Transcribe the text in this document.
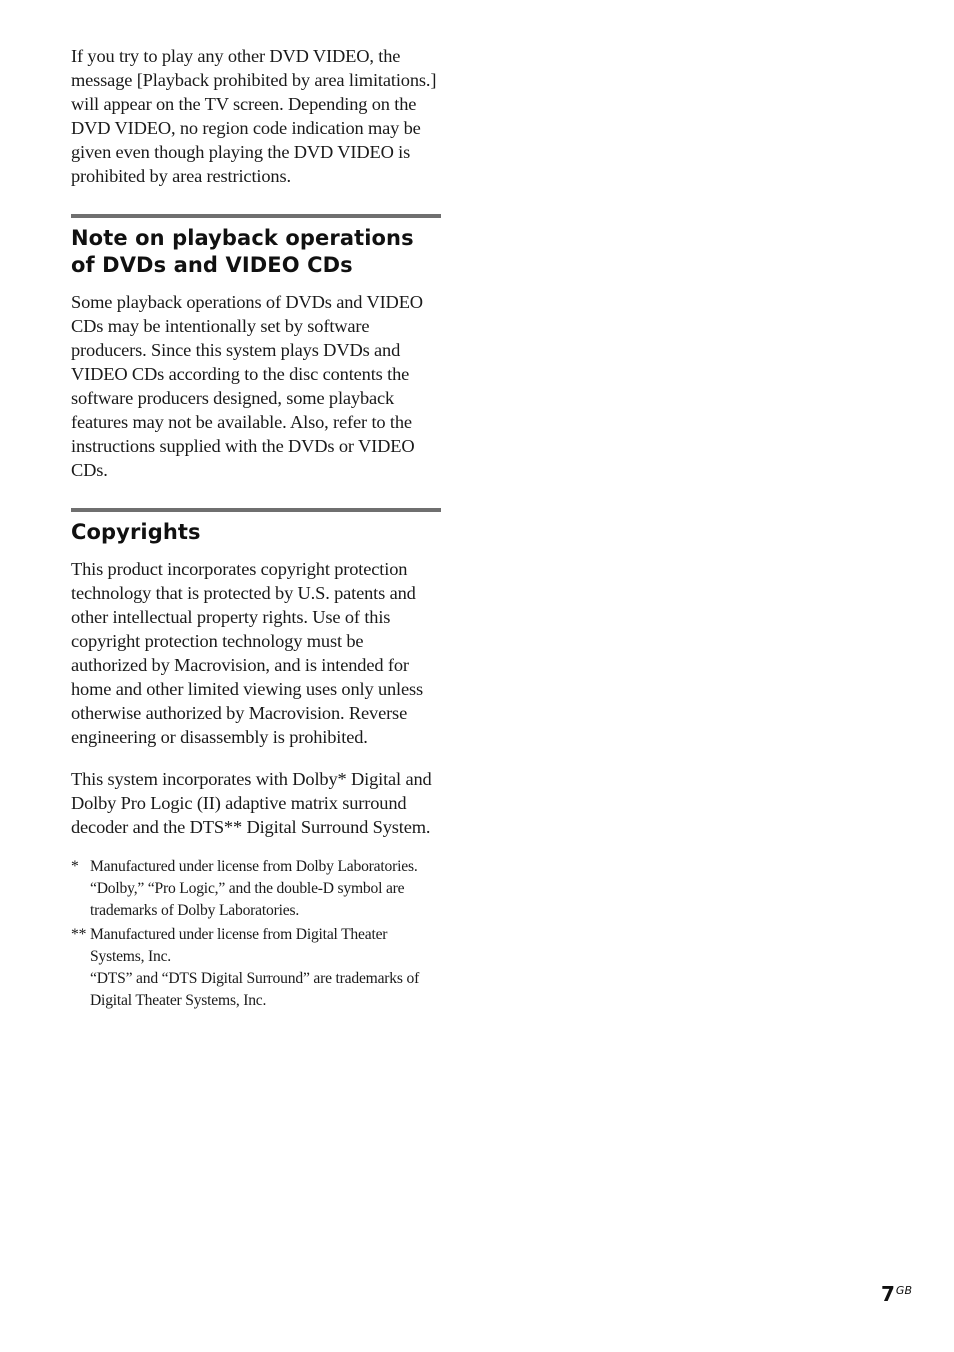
If you try to play any other DVD VIDEO, the message [Playback prohibited by area limitations.] will appear on the TV screen. Depending on the DVD VIDEO, no region code indication may be given even though playing the DVD VIDEO is prohibited by area restrictions.

Note on playback operations of DVDs and VIDEO CDs

Some playback operations of DVDs and VIDEO CDs may be intentionally set by software producers. Since this system plays DVDs and VIDEO CDs according to the disc contents the software producers designed, some playback features may not be available. Also, refer to the instructions supplied with the DVDs or VIDEO CDs.

Copyrights

This product incorporates copyright protection technology that is protected by U.S. patents and other intellectual property rights. Use of this copyright protection technology must be authorized by Macrovision, and is intended for home and other limited viewing uses only unless otherwise authorized by Macrovision. Reverse engineering or disassembly is prohibited.

This system incorporates with Dolby* Digital and Dolby Pro Logic (II) adaptive matrix surround decoder and the DTS** Digital Surround System.

* Manufactured under license from Dolby Laboratories.

“Dolby,” “Pro Logic,” and the double-D symbol are trademarks of Dolby Laboratories.

** Manufactured under license from Digital Theater Systems, Inc.

“DTS” and “DTS Digital Surround” are trademarks of Digital Theater Systems, Inc.

$7^{GB}$
